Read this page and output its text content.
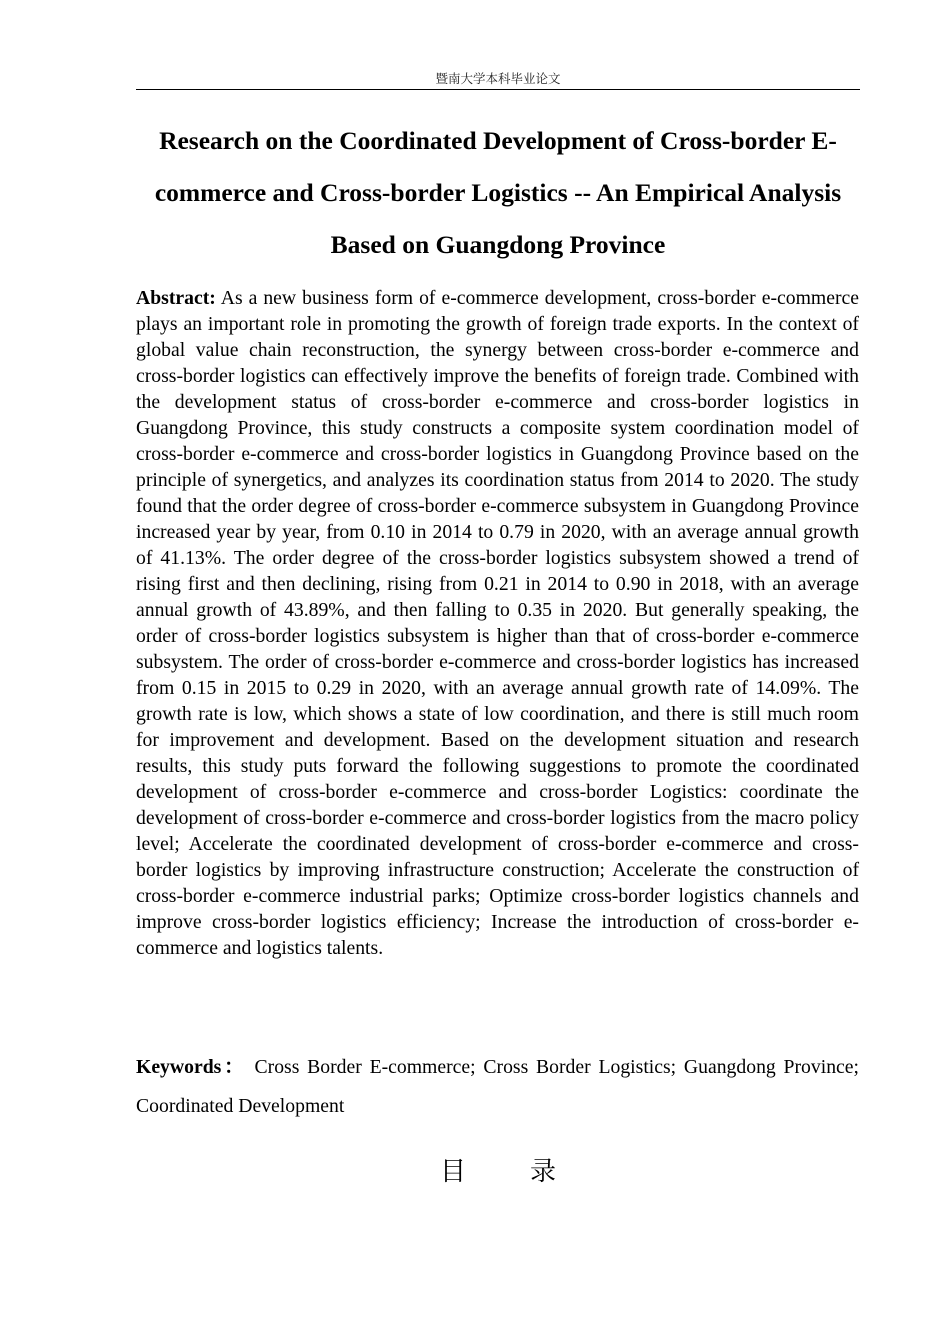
暨南大学本科毕业论文
Research on the Coordinated Development of Cross-border E-commerce and Cross-border Logistics -- An Empirical Analysis Based on Guangdong Province

Abstract: As a new business form of e-commerce development, cross-border e-commerce plays an important role in promoting the growth of foreign trade exports. In the context of global value chain reconstruction, the synergy between cross-border e-commerce and cross-border logistics can effectively improve the benefits of foreign trade. Combined with the development status of cross-border e-commerce and cross-border logistics in Guangdong Province, this study constructs a composite system coordination model of cross-border e-commerce and cross-border logistics in Guangdong Province based on the principle of synergetics, and analyzes its coordination status from 2014 to 2020. The study found that the order degree of cross-border e-commerce subsystem in Guangdong Province increased year by year, from 0.10 in 2014 to 0.79 in 2020, with an average annual growth of 41.13%. The order degree of the cross-border logistics subsystem showed a trend of rising first and then declining, rising from 0.21 in 2014 to 0.90 in 2018, with an average annual growth of 43.89%, and then falling to 0.35 in 2020. But generally speaking, the order of cross-border logistics subsystem is higher than that of cross-border e-commerce subsystem. The order of cross-border e-commerce and cross-border logistics has increased from 0.15 in 2015 to 0.29 in 2020, with an average annual growth rate of 14.09%. The growth rate is low, which shows a state of low coordination, and there is still much room for improvement and development. Based on the development situation and research results, this study puts forward the following suggestions to promote the coordinated development of cross-border e-commerce and cross-border Logistics: coordinate the development of cross-border e-commerce and cross-border logistics from the macro policy level; Accelerate the coordinated development of cross-border e-commerce and cross-border logistics by improving infrastructure construction; Accelerate the construction of cross-border e-commerce industrial parks; Optimize cross-border logistics channels and improve cross-border logistics efficiency; Increase the introduction of cross-border e-commerce and logistics talents.

Keywords： Cross Border E-commerce; Cross Border Logistics; Guangdong Province; Coordinated Development

目录
